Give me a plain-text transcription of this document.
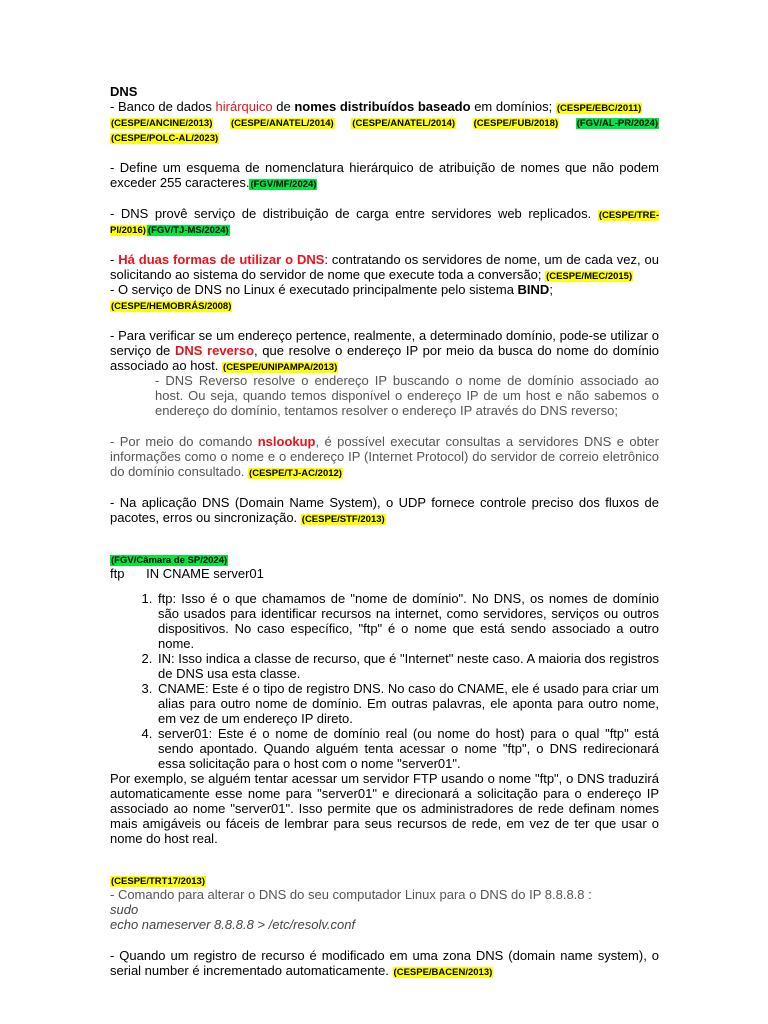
DNS

- Banco de dados hirárquico de nomes distribuídos baseado em domínios; (CESPE/EBC/2011)

(CESPE/ANCINE/2013) (CESPE/ANATEL/2014) (CESPE/ANATEL/2014) (CESPE/FUB/2018) (FGV/AL-PR/2024)
(CESPE/POLC-AL/2023)

- Define um esquema de nomenclatura hierárquico de atribuição de nomes que não podem exceder 255 caracteres.(FGV/MF/2024)

- DNS provê serviço de distribuição de carga entre servidores web replicados. (CESPE/TRE-PI/2016) (FGV/TJ-MS/2024)

- Há duas formas de utilizar o DNS: contratando os servidores de nome, um de cada vez, ou solicitando ao sistema do servidor de nome que execute toda a conversão; (CESPE/MEC/2015)

- O serviço de DNS no Linux é executado principalmente pelo sistema BIND;

(CESPE/HEMOBRÁS/2008)

- Para verificar se um endereço pertence, realmente, a determinado domínio, pode-se utilizar o serviço de DNS reverso, que resolve o endereço IP por meio da busca do nome do domínio associado ao host. (CESPE/UNIPAMPA/2013)

- DNS Reverso resolve o endereço IP buscando o nome de domínio associado ao host. Ou seja, quando temos disponível o endereço IP de um host e não sabemos o endereço do domínio, tentamos resolver o endereço IP através do DNS reverso;

- Por meio do comando nslookup, é possível executar consultas a servidores DNS e obter informações como o nome e o endereço IP (Internet Protocol) do servidor de correio eletrônico do domínio consultado. (CESPE/TJ-AC/2012)

- Na aplicação DNS (Domain Name System), o UDP fornece controle preciso dos fluxos de pacotes, erros ou sincronização. (CESPE/STF/2013)

(FGV/Câmara de SP/2024)
ftp      IN CNAME server01
1. ftp: Isso é o que chamamos de "nome de domínio". No DNS, os nomes de domínio são usados para identificar recursos na internet, como servidores, serviços ou outros dispositivos. No caso específico, "ftp" é o nome que está sendo associado a outro nome.
2. IN: Isso indica a classe de recurso, que é "Internet" neste caso. A maioria dos registros de DNS usa esta classe.
3. CNAME: Este é o tipo de registro DNS. No caso do CNAME, ele é usado para criar um alias para outro nome de domínio. Em outras palavras, ele aponta para outro nome, em vez de um endereço IP direto.
4. server01: Este é o nome de domínio real (ou nome do host) para o qual "ftp" está sendo apontado. Quando alguém tenta acessar o nome "ftp", o DNS redirecionará essa solicitação para o host com o nome "server01".

Por exemplo, se alguém tentar acessar um servidor FTP usando o nome "ftp", o DNS traduzirá automaticamente esse nome para "server01" e direcionará a solicitação para o endereço IP associado ao nome "server01". Isso permite que os administradores de rede definam nomes mais amigáveis ou fáceis de lembrar para seus recursos de rede, em vez de ter que usar o nome do host real.

(CESPE/TRT17/2013)

- Comando para alterar o DNS do seu computador Linux para o DNS do IP 8.8.8.8 :

sudo
echo nameserver 8.8.8.8 > /etc/resolv.conf

- Quando um registro de recurso é modificado em uma zona DNS (domain name system), o serial number é incrementado automaticamente. (CESPE/BACEN/2013)
